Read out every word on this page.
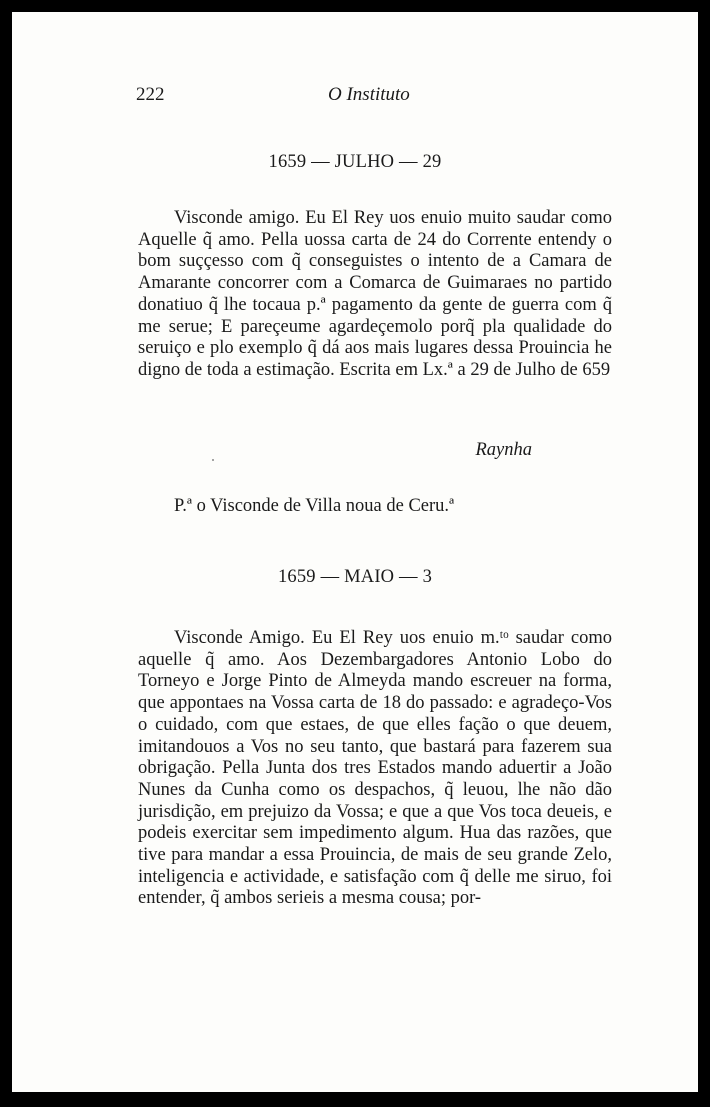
222	O Instituto
1659 — JULHO — 29
Visconde amigo. Eu El Rey uos enuio muito saudar como Aquelle q̃ amo. Pella uossa carta de 24 do Corrente entendy o bom suççesso com q̃ conseguistes o intento de a Camara de Amarante concorrer com a Comarca de Guimaraes no partido donatiuo q̃ lhe tocaua p.ª pagamento da gente de guerra com q̃ me serue; E pareçeume agardeçemolo porq̃ pla qualidade do seruiço e plo exemplo q̃ dá aos mais lugares dessa Prouincia he digno de toda a estimação. Escrita em Lx.ª a 29 de Julho de 659
Raynha
P.ª o Visconde de Villa noua de Ceru.ª
1659 — MAIO — 3
Visconde Amigo. Eu El Rey uos enuio m.ᵗᵒ saudar como aquelle q̃ amo. Aos Dezembargadores Antonio Lobo do Torneyo e Jorge Pinto de Almeyda mando escreuer na forma, que appontaes na Vossa carta de 18 do passado: e agradeço-Vos o cuidado, com que estaes, de que elles fação o que deuem, imitandouos a Vos no seu tanto, que bastará para fazerem sua obrigação. Pella Junta dos tres Estados mando aduertir a João Nunes da Cunha como os despachos, q̃ leuou, lhe não dão jurisdição, em prejuizo da Vossa; e que a que Vos toca deueis, e podeis exercitar sem impedimento algum. Hua das razões, que tive para mandar a essa Prouincia, de mais de seu grande Zelo, inteligencia e actividade, e satisfação com q̃ delle me siruo, foi entender, q̃ ambos serieis a mesma cousa; por-
